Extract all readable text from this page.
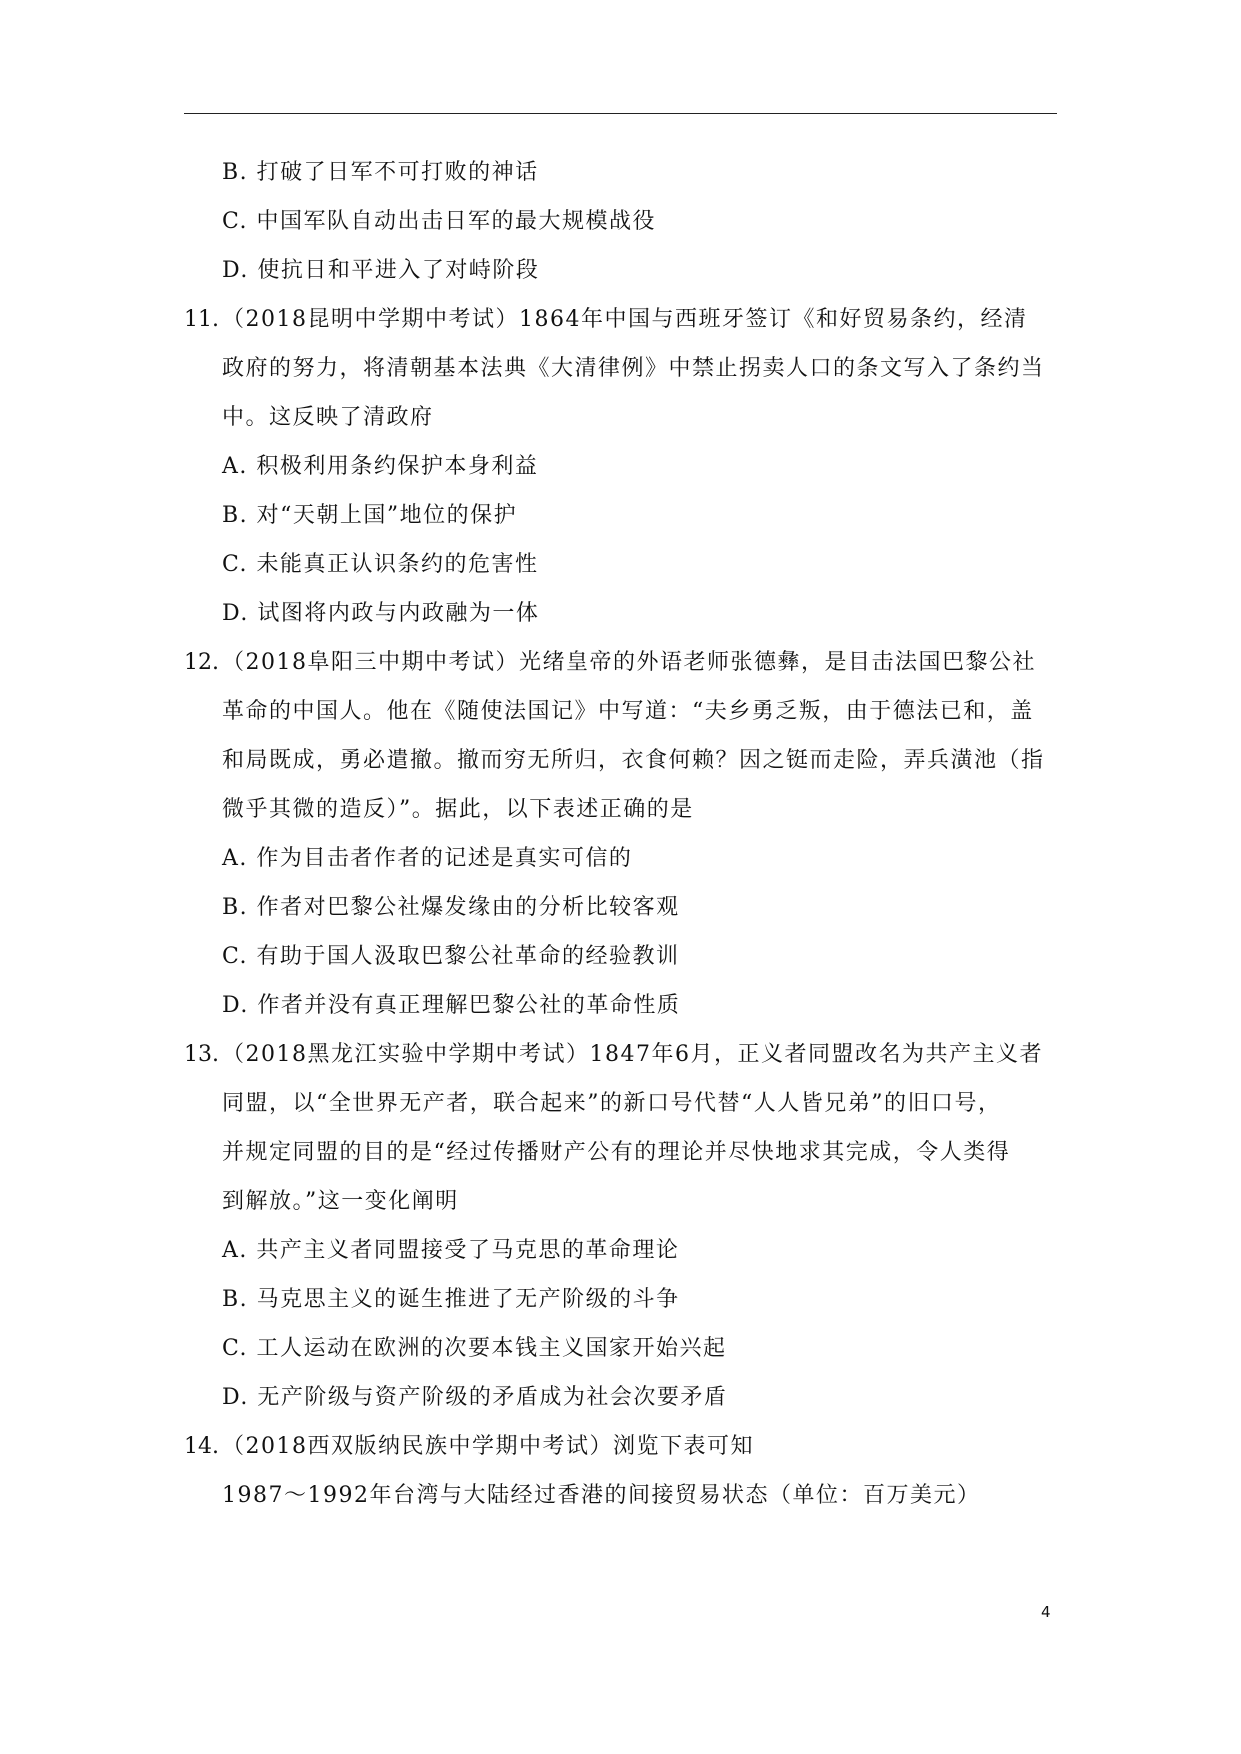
B. 打破了日军不可打败的神话
C. 中国军队自动出击日军的最大规模战役
D. 使抗日和平进入了对峙阶段
11. （2018昆明中学期中考试）1864年中国与西班牙签订《和好贸易条约，经清
政府的努力，将清朝基本法典《大清律例》中禁止拐卖人口的条文写入了条约当
中。这反映了清政府
A. 积极利用条约保护本身利益
B. 对“天朝上国”地位的保护
C. 未能真正认识条约的危害性
D. 试图将内政与内政融为一体
12. （2018阜阳三中期中考试）光绪皇帝的外语老师张德彝，是目击法国巴黎公社
革命的中国人。他在《随使法国记》中写道：“夫乡勇乏叛，由于德法已和，盖
和局既成，勇必遣撤。撤而穷无所归，衣食何赖？因之铤而走险，弄兵潢池（指
微乎其微的造反）”。据此，以下表述正确的是
A. 作为目击者作者的记述是真实可信的
B. 作者对巴黎公社爆发缘由的分析比较客观
C. 有助于国人汲取巴黎公社革命的经验教训
D. 作者并没有真正理解巴黎公社的革命性质
13. （2018黑龙江实验中学期中考试）1847年6月，正义者同盟改名为共产主义者
同盟，以“全世界无产者，联合起来”的新口号代替“人人皆兄弟”的旧口号，
并规定同盟的目的是“经过传播财产公有的理论并尽快地求其完成，令人类得
到解放。”这一变化阐明
A. 共产主义者同盟接受了马克思的革命理论
B. 马克思主义的诞生推进了无产阶级的斗争
C. 工人运动在欧洲的次要本钱主义国家开始兴起
D. 无产阶级与资产阶级的矛盾成为社会次要矛盾
14. （2018西双版纳民族中学期中考试）浏览下表可知
1987～1992年台湾与大陆经过香港的间接贸易状态（单位：百万美元）
4
